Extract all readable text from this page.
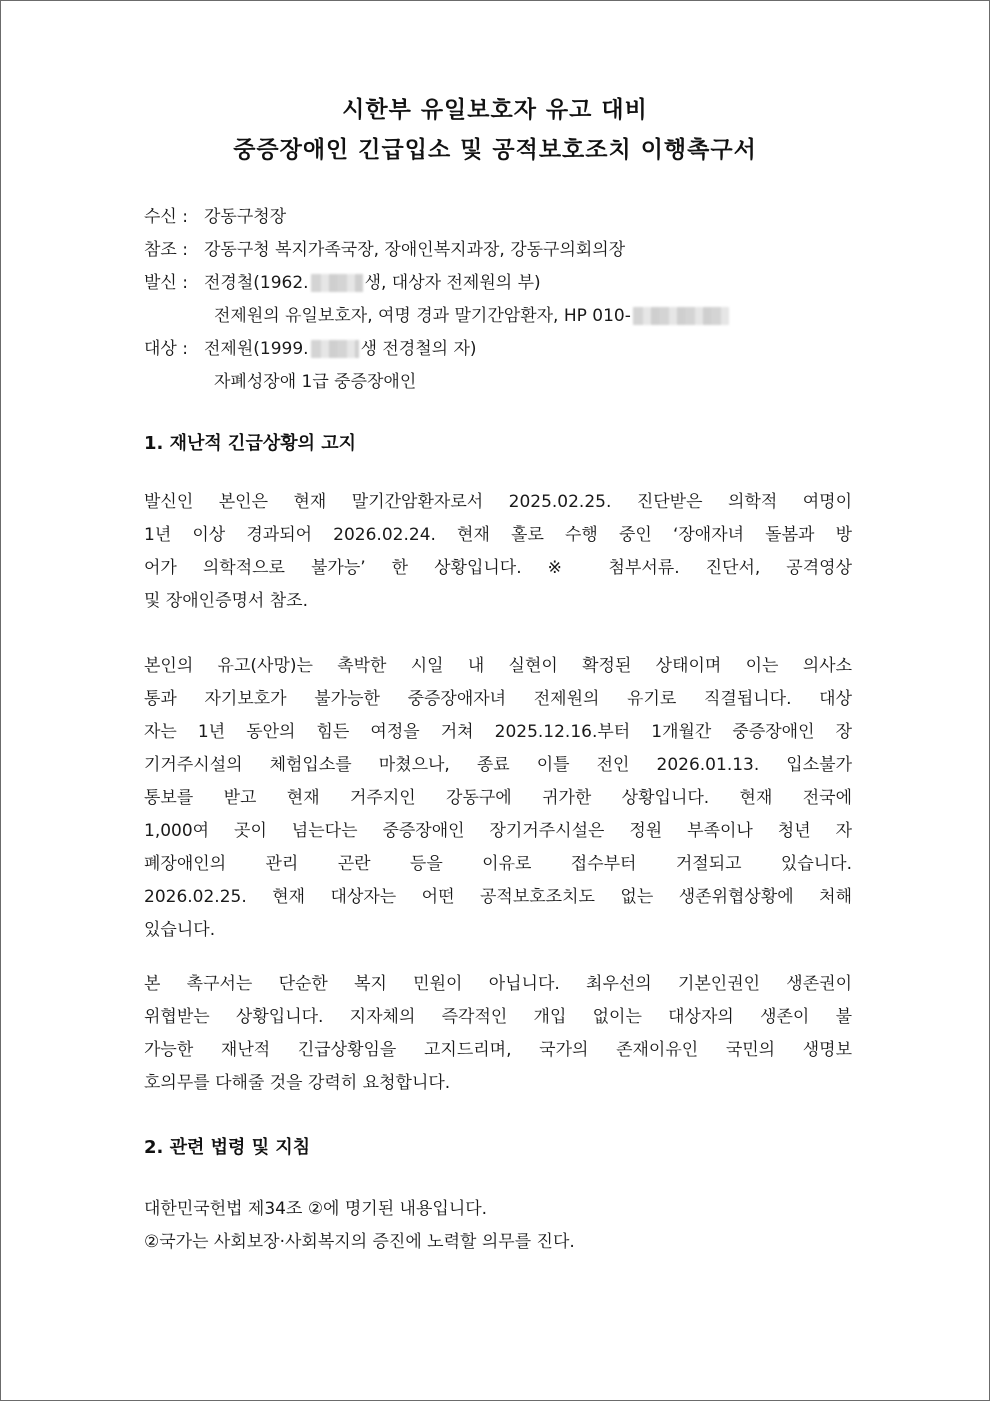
시한부 유일보호자 유고 대비
중증장애인 긴급입소 및 공적보호조치 이행촉구서
수신 : 강동구청장
참조 : 강동구청 복지가족국장, 장애인복지과장, 강동구의회의장
발신 : 전경철(1962.	생, 대상자 전제원의 부)
전제원의 유일보호자, 여명 경과 말기간암환자, HP 010-
대상 : 전제원(1999.	생 전경철의 자)
자폐성장애 1급 중증장애인
1. 재난적 긴급상황의 고지
발신인 본인은 현재 말기간암환자로서 2025.02.25. 진단받은 의학적 여명이
1년 이상 경과되어 2026.02.24. 현재 홀로 수행 중인 ‘장애자녀 돌봄과 방
어가 의학적으로 불가능’ 한 상황입니다. ※ 첨부서류. 진단서, 공격영상
및 장애인증명서 참조.
본인의 유고(사망)는 촉박한 시일 내 실현이 확정된 상태이며 이는 의사소
통과 자기보호가 불가능한 중증장애자녀 전제원의 유기로 직결됩니다. 대상
자는 1년 동안의 힘든 여정을 거쳐 2025.12.16.부터 1개월간 중증장애인 장
기거주시설의 체험입소를 마쳤으나, 종료 이틀 전인 2026.01.13. 입소불가
통보를 받고 현재 거주지인 강동구에 귀가한 상황입니다. 현재 전국에
1,000여 곳이 넘는다는 중증장애인 장기거주시설은 정원 부족이나 청년 자
폐장애인의 관리 곤란 등을 이유로 접수부터 거절되고 있습니다.
2026.02.25. 현재 대상자는 어떤 공적보호조치도 없는 생존위협상황에 처해
있습니다.
본 촉구서는 단순한 복지 민원이 아닙니다. 최우선의 기본인권인 생존권이
위협받는 상황입니다. 지자체의 즉각적인 개입 없이는 대상자의 생존이 불
가능한 재난적 긴급상황임을 고지드리며, 국가의 존재이유인 국민의 생명보
호의무를 다해줄 것을 강력히 요청합니다.
2. 관련 법령 및 지침
대한민국헌법 제34조 ②에 명기된 내용입니다.
②국가는 사회보장·사회복지의 증진에 노력할 의무를 진다.
